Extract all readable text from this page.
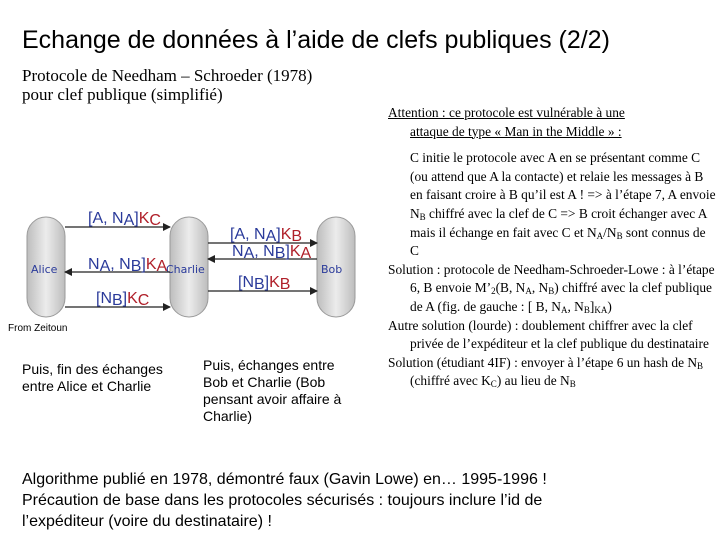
Echange de données à l’aide de clefs publiques (2/2)
Protocole de Needham – Schroeder (1978)
pour clef publique (simplifié)
Alice	Charlie	Bob
[A, NA]KC
[A, NA]KB
NA, NB]KA
NA, NB]KA
[NB]KB
[NB]KC
From Zeitoun
Puis, fin des échanges entre Alice et Charlie
Puis, échanges entre Bob et Charlie (Bob pensant avoir affaire à Charlie)
Attention : ce protocole est vulnérable à une
attaque de type « Man in the Middle » :
C initie le protocole avec A en se présentant comme C (ou attend que A la contacte) et relaie les messages à B en faisant croire à B qu’il est A ! => à l’étape 7, A envoie $N_B$ chiffré avec la clef de C => B croit échanger avec A mais il échange en fait avec C et $N_A/N_B$ sont connus de C
Solution : protocole de Needham-Schroeder-Lowe : à l’étape 6, B envoie $M’_2(B$, $N_A$, $N_B$) chiffré avec la clef publique de A (fig. de gauche : [ B, $N_A$, $N_B]_{KA}$)
Autre solution (lourde) : doublement chiffrer avec la clef privée de l’expéditeur et la clef publique du destinataire
Solution (étudiant 4IF) : envoyer à l’étape 6 un hash de $N_B$ (chiffré avec $K_C$) au lieu de $N_B$
Algorithme publié en 1978, démontré faux (Gavin Lowe) en… 1995-1996 !
Précaution de base dans les protocoles sécurisés : toujours inclure l’id de
l’expéditeur (voire du destinataire) !
